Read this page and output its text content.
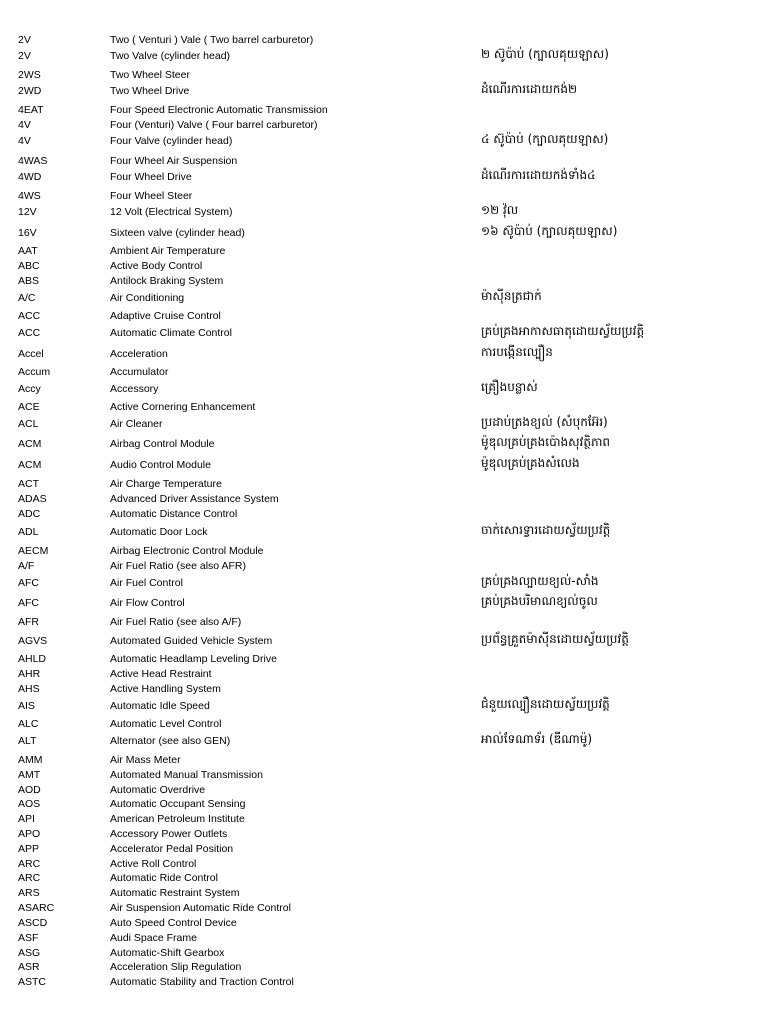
2V	Two ( Venturi ) Vale ( Two barrel carburetor)
2V	Two Valve (cylinder head)	២ ស៊ូប៉ាប់ (ក្បាលគុយឡាស)
2WS	Two Wheel Steer
2WD	Two Wheel Drive	ដំណើរការដោយកង់២
4EAT	Four Speed Electronic Automatic Transmission
4V	Four (Venturi) Valve ( Four barrel carburetor)
4V	Four Valve (cylinder head)	៤ ស៊ូប៉ាប់ (ក្បាលគុយឡាស)
4WAS	Four Wheel Air Suspension
4WD	Four Wheel Drive	ដំណើរការដោយកង់ទាំង៤
4WS	Four Wheel Steer
12V	12 Volt (Electrical System)	១២ វ៉ុល
16V	Sixteen valve (cylinder head)	១៦ ស៊ូប៉ាប់ (ក្បាលគុយឡាស)
AAT	Ambient Air Temperature
ABC	Active Body Control
ABS	Antilock Braking System
A/C	Air Conditioning	ម៉ាស៊ីនត្រជាក់
ACC	Adaptive Cruise Control
ACC	Automatic Climate Control	គ្រប់គ្រងអាកាសធាតុដោយស្វ័យប្រវត្តិ
Accel	Acceleration	ការបង្កើនល្បឿន
Accum	Accumulator
Accy	Accessory	គ្រឿងបន្លាស់
ACE	Active Cornering Enhancement
ACL	Air Cleaner	ប្រដាប់ត្រងខ្យល់ (សំបុកអ៊ែរ)
ACM	Airbag Control Module	ម៉ូឌុលគ្រប់គ្រងប៉ោងសុវត្ថិភាព
ACM	Audio Control Module	ម៉ូឌុលគ្រប់គ្រងសំលេង
ACT	Air Charge Temperature
ADAS	Advanced Driver Assistance System
ADC	Automatic Distance Control
ADL	Automatic Door Lock	ចាក់សោរទ្វារដោយស្វ័យប្រវត្តិ
AECM	Airbag Electronic Control Module
A/F	Air Fuel Ratio (see also AFR)
AFC	Air Fuel Control	គ្រប់គ្រងល្បាយខ្យល់-សាំង
AFC	Air Flow Control	គ្រប់គ្រងបរិមាណខ្យល់ចូល
AFR	Air Fuel Ratio (see also A/F)
AGVS	Automated Guided Vehicle System	ប្រព័ន្ធគ្រួតម៉ាស៊ីនដោយស្វ័យប្រវត្តិ
AHLD	Automatic Headlamp Leveling Drive
AHR	Active Head Restraint
AHS	Active Handling System
AIS	Automatic Idle Speed	ជំនួយល្បឿនដោយស្វ័យប្រវត្តិ
ALC	Automatic Level Control
ALT	Alternator (see also GEN)	អាល់ទែណាទ័រ (ឌីណាម៉ូ)
AMM	Air Mass Meter
AMT	Automated Manual Transmission
AOD	Automatic Overdrive
AOS	Automatic Occupant Sensing
API	American Petroleum Institute
APO	Accessory Power Outlets
APP	Accelerator Pedal Position
ARC	Active Roll Control
ARC	Automatic Ride Control
ARS	Automatic Restraint System
ASARC	Air Suspension Automatic Ride Control
ASCD	Auto Speed Control Device
ASF	Audi Space Frame
ASG	Automatic-Shift Gearbox
ASR	Acceleration Slip Regulation
ASTC	Automatic Stability and Traction Control
